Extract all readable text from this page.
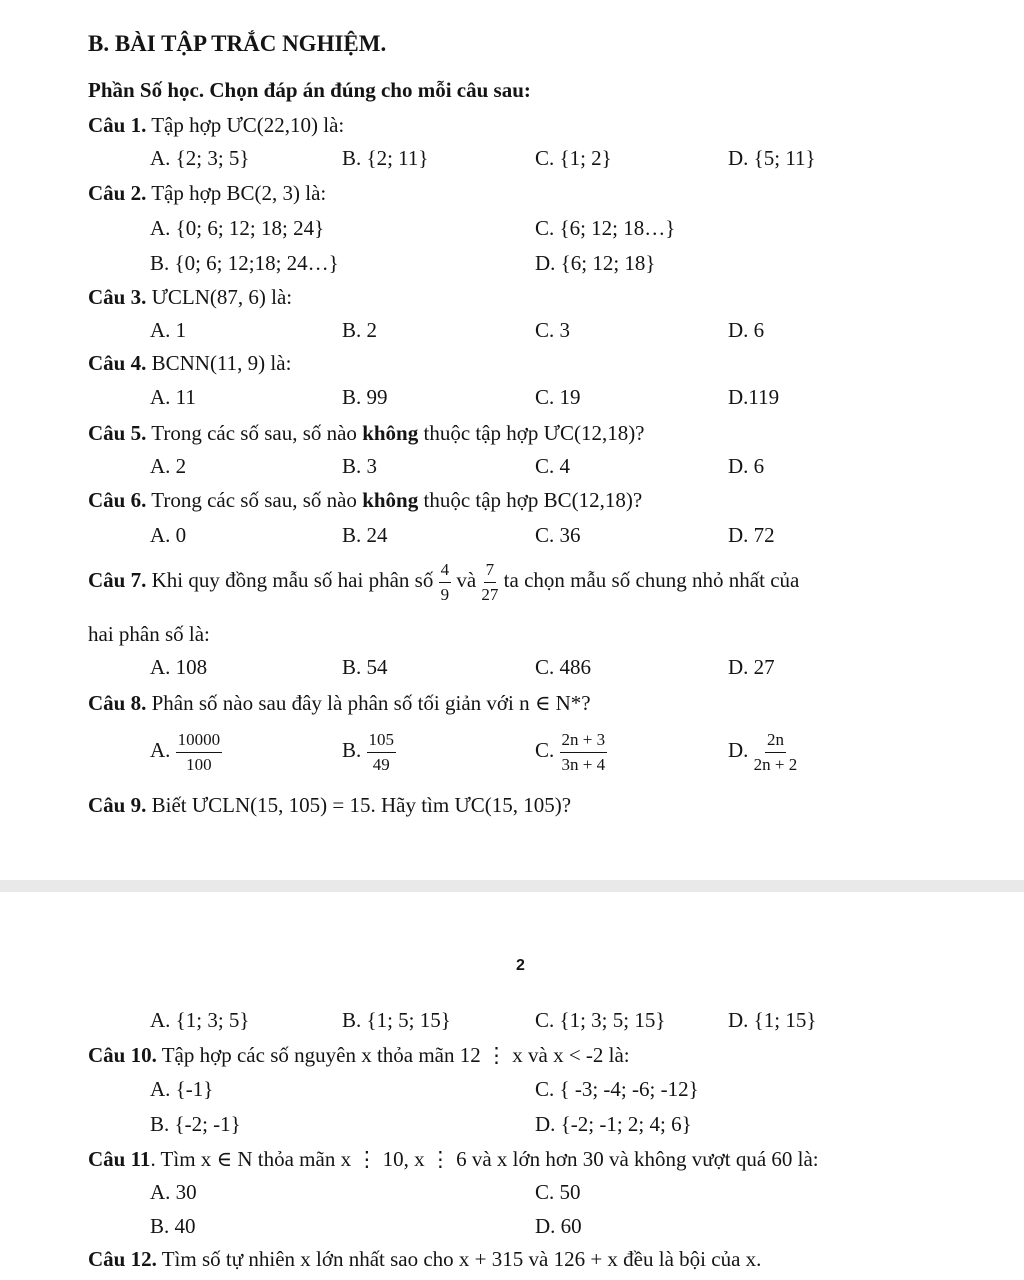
B. BÀI TẬP TRẮC NGHIỆM.
Phần Số học. Chọn đáp án đúng cho mỗi câu sau:
Câu 1. Tập hợp ƯC(22,10) là:
A. {2; 3; 5}	B. {2; 11}	C. {1; 2}	D. {5; 11}
Câu 2. Tập hợp BC(2, 3) là:
A. {0; 6; 12; 18; 24}	C. {6; 12; 18…}
B. {0; 6; 12;18; 24…}	D. {6; 12; 18}
Câu 3. ƯCLN(87, 6) là:
A. 1	B. 2	C. 3	D. 6
Câu 4. BCNN(11, 9) là:
A. 11	B. 99	C. 19	D.119
Câu 5. Trong các số sau, số nào không thuộc tập hợp ƯC(12,18)?
A. 2	B. 3	C. 4	D. 6
Câu 6. Trong các số sau, số nào không thuộc tập hợp BC(12,18)?
A. 0	B. 24	C. 36	D. 72
Câu 7. Khi quy đồng mẫu số hai phân số $\frac{4}{9}$ và $\frac{7}{27}$ ta chọn mẫu số chung nhỏ nhất của
hai phân số là:
A. 108	B. 54	C. 486	D. 27
Câu 8. Phân số nào sau đây là phân số tối giản với n ∈ N*?
A. $\frac{10000}{100}$	B. $\frac{105}{49}$	C. $\frac{2n + 3}{3n + 4}$	D. $\frac{2n}{2n + 2}$
Câu 9. Biết ƯCLN(15, 105) = 15. Hãy tìm ƯC(15, 105)?
2
A. {1; 3; 5}	B. {1; 5; 15}	C. {1; 3; 5; 15}	D. {1; 15}
Câu 10. Tập hợp các số nguyên x thỏa mãn 12 ⋮ x và x < -2 là:
A. {-1}	C. { -3; -4; -6; -12}
B. {-2; -1}	D. {-2; -1; 2; 4; 6}
Câu 11. Tìm x ∈ N thỏa mãn x ⋮ 10, x ⋮ 6 và x lớn hơn 30 và không vượt quá 60 là:
A. 30	C. 50
B. 40	D. 60
Câu 12. Tìm số tự nhiên x lớn nhất sao cho x + 315 và 126 + x đều là bội của x.
